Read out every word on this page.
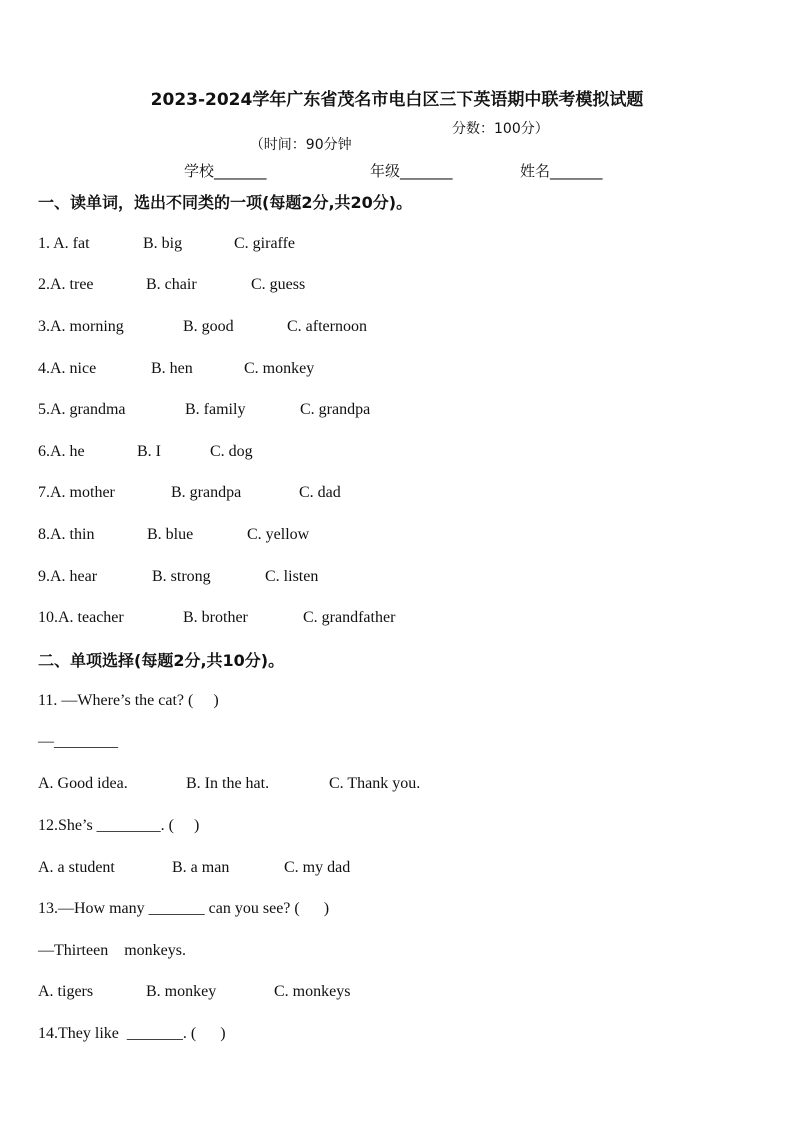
2023-2024学年广东省茂名市电白区三下英语期中联考模拟试题

（时间：90分钟

分数：100分）

学校_______	年级_______	姓名_______
一、读单词，选出不同类的一项(每题2分,共20分)。

1. A. fat

	B. big

	C. giraffe

2.A. tree

	B. chair

	C. guess

3.A. morning

	B. good

	C. afternoon

4.A. nice

	B. hen

	C. monkey

5.A. grandma

	B. family

	C. grandpa

6.A. he

	B. I

	C. dog

7.A. mother

	B. grandpa

	C. dad

8.A. thin

	B. blue

	C. yellow

9.A. hear

	B. strong

	C. listen

10.A. teacher

	B. brother

	C. grandfather

二、单项选择(每题2分,共10分)。

11. —Where’s the cat? (     )

—________

A. Good idea.

	B. In the hat.

	C. Thank you.

12.She’s ________. (     )

A. a student

	B. a man

	C. my dad

13.—How many _______ can you see? (      )

—Thirteen    monkeys.

A. tigers

	B. monkey

	C. monkeys

14.They like  _______. (      )
